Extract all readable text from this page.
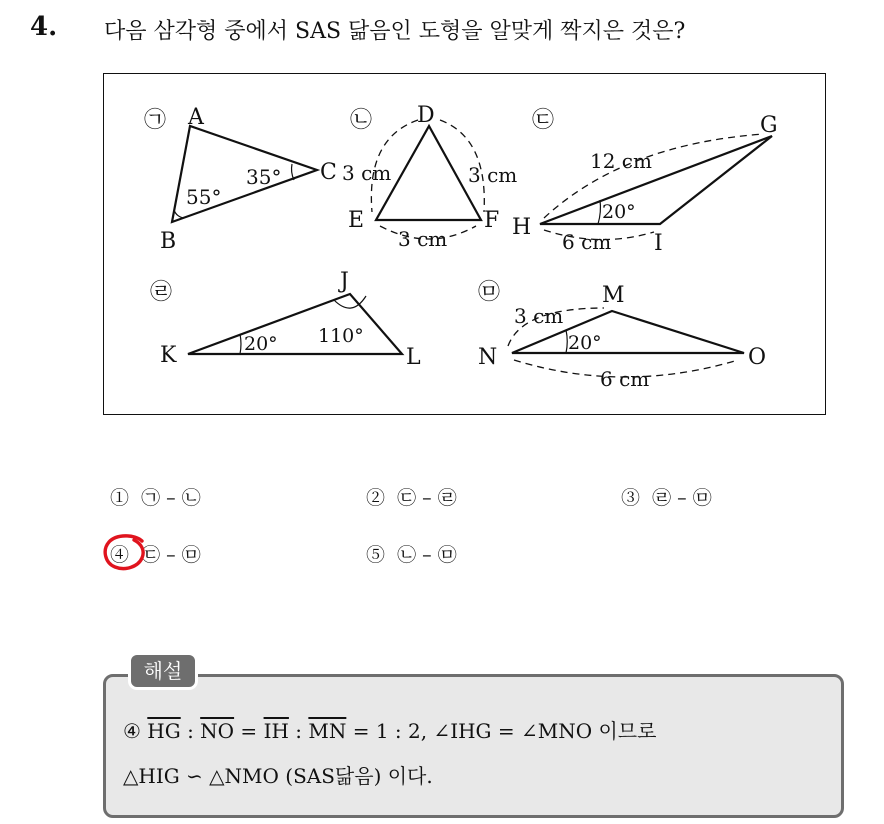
4. 다음 삼각형 중에서 SAS 닮음인 도형을 알맞게 짝지은 것은?
㉠ A
B
C
55°
35°
㉡ D
E	F
3 cm	3 cm
3 cm
㉢	G
H
I
12 cm
6 cm
20°
㉣	J
K	L
20° 110°
㉤	M
N	O
3 cm
6 cm
20°
① ㉠ – ㉡	② ㉢ – ㉣	③ ㉣ – ㉤
④ ㉢ – ㉤	⑤ ㉡ – ㉤
해설
④ $\overline{HG}$ : $\overline{NO} = \overline{IH}$ : $\overline{MN} = 1$ : 2, ∠IHG = ∠MNO 이므로
△HIG ∽ △NMO (SAS닮음) 이다.
